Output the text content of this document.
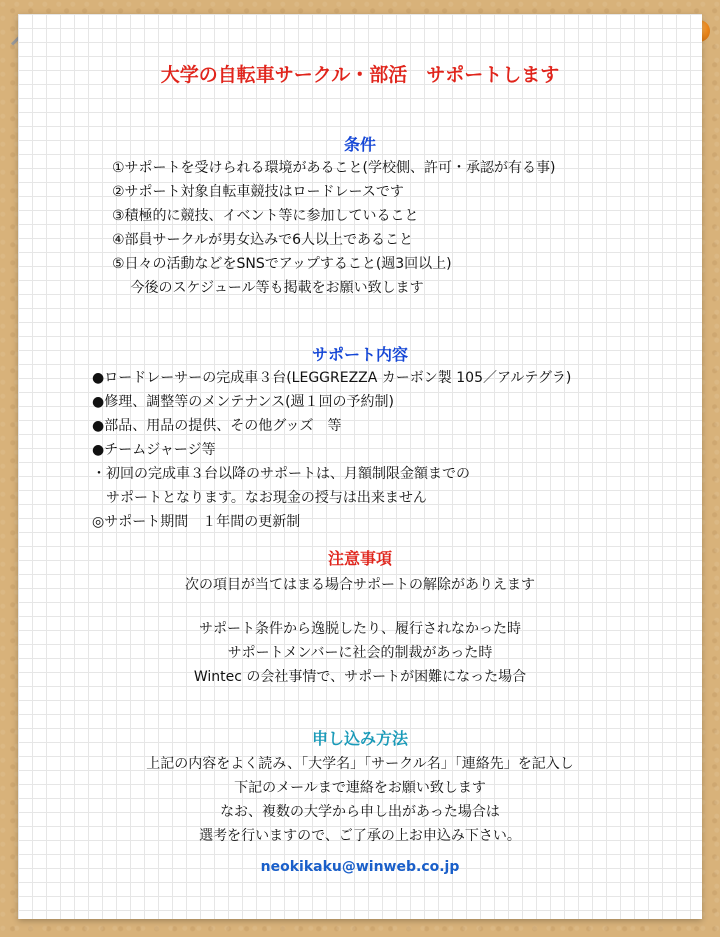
大学の自転車サークル・部活　サポートします
条件
①サポートを受けられる環境があること(学校側、許可・承認が有る事)
②サポート対象自転車競技はロードレースです
③積極的に競技、イベント等に参加していること
④部員サークルが男女込みで6人以上であること
⑤日々の活動などをSNSでアップすること(週3回以上)
　 今後のスケジュール等も掲載をお願い致します
サポート内容
●ロードレーサーの完成車３台(LEGGREZZA カーボン製 105／アルテグラ)
●修理、調整等のメンテナンス(週１回の予約制)
●部品、用品の提供、その他グッズ　等
●チームジャージ等
・初回の完成車３台以降のサポートは、月額制限金額までの
　サポートとなります。なお現金の授与は出来ません
◎サポート期間　１年間の更新制
注意事項
次の項目が当てはまる場合サポートの解除がありえます
サポート条件から逸脱したり、履行されなかった時
サポートメンバーに社会的制裁があった時
Wintec の会社事情で、サポートが困難になった場合
申し込み方法
上記の内容をよく読み、「大学名」「サークル名」「連絡先」を記入し
下記のメールまで連絡をお願い致します
なお、複数の大学から申し出があった場合は
選考を行いますので、ご了承の上お申込み下さい。
neokikaku@winweb.co.jp
